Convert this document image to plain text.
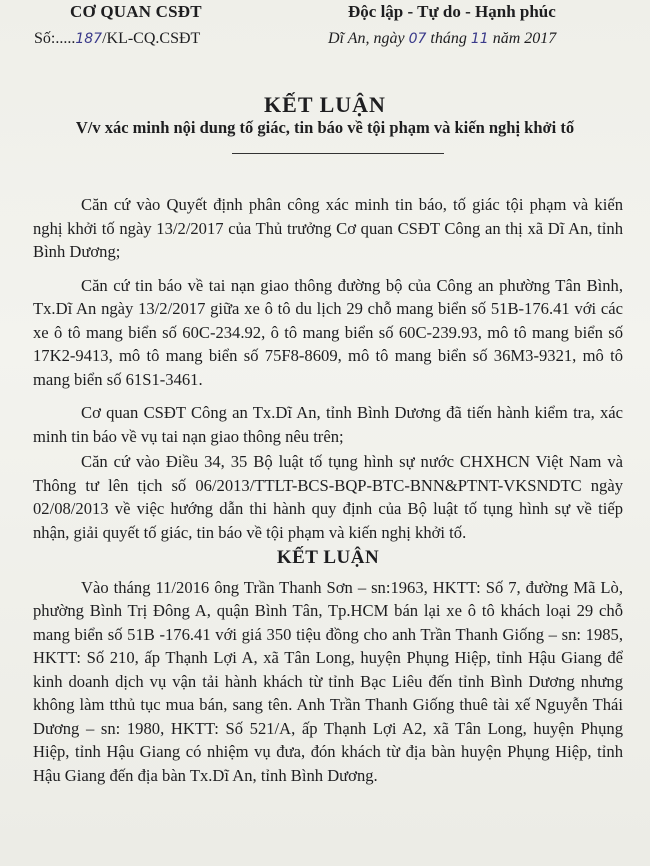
CƠ QUAN CSĐT	Độc lập - Tự do - Hạnh phúc
Số:.....187/KL-CQ.CSĐT	Dĩ An, ngày 07 tháng 11 năm 2017
KẾT LUẬN
V/v xác minh nội dung tố giác, tin báo về tội phạm và kiến nghị khởi tố

Căn cứ vào Quyết định phân công xác minh tin báo, tố giác tội phạm và kiến nghị khởi tố ngày 13/2/2017 của Thủ trưởng Cơ quan CSĐT Công an thị xã Dĩ An, tỉnh Bình Dương;

Căn cứ tin báo về tai nạn giao thông đường bộ của Công an phường Tân Bình, Tx.Dĩ An ngày 13/2/2017 giữa xe ô tô du lịch 29 chỗ mang biển số 51B-176.41 với các xe ô tô mang biển số 60C-234.92, ô tô mang biển số 60C-239.93, mô tô mang biển số 17K2-9413, mô tô mang biển số 75F8-8609, mô tô mang biển số 36M3-9321, mô tô mang biển số 61S1-3461.

Cơ quan CSĐT Công an Tx.Dĩ An, tỉnh Bình Dương đã tiến hành kiểm tra, xác minh tin báo về vụ tai nạn giao thông nêu trên;

Căn cứ vào Điều 34, 35 Bộ luật tố tụng hình sự nước CHXHCN Việt Nam và Thông tư lên tịch số 06/2013/TTLT-BCS-BQP-BTC-BNN&PTNT-VKSNDTC ngày 02/08/2013 về việc hướng dẫn thi hành quy định của Bộ luật tố tụng hình sự về tiếp nhận, giải quyết tố giác, tin báo về tội phạm và kiến nghị khởi tố.

KẾT LUẬN

Vào tháng 11/2016 ông Trần Thanh Sơn – sn:1963, HKTT: Số 7, đường Mã Lò, phường Bình Trị Đông A, quận Bình Tân, Tp.HCM bán lại xe ô tô khách loại 29 chỗ mang biển số 51B -176.41 với giá 350 tiệu đồng cho anh Trần Thanh Giống – sn: 1985, HKTT: Số 210, ấp Thạnh Lợi A, xã Tân Long, huyện Phụng Hiệp, tỉnh Hậu Giang để kinh doanh dịch vụ vận tải hành khách từ tỉnh Bạc Liêu đến tỉnh Bình Dương nhưng không làm tthủ tục mua bán, sang tên. Anh Trần Thanh Giống thuê tài xế Nguyễn Thái Dương – sn: 1980, HKTT: Số 521/A, ấp Thạnh Lợi A2, xã Tân Long, huyện Phụng Hiệp, tỉnh Hậu Giang có nhiệm vụ đưa, đón khách từ địa bàn huyện Phụng Hiệp, tỉnh Hậu Giang đến địa bàn Tx.Dĩ An, tỉnh Bình Dương.
